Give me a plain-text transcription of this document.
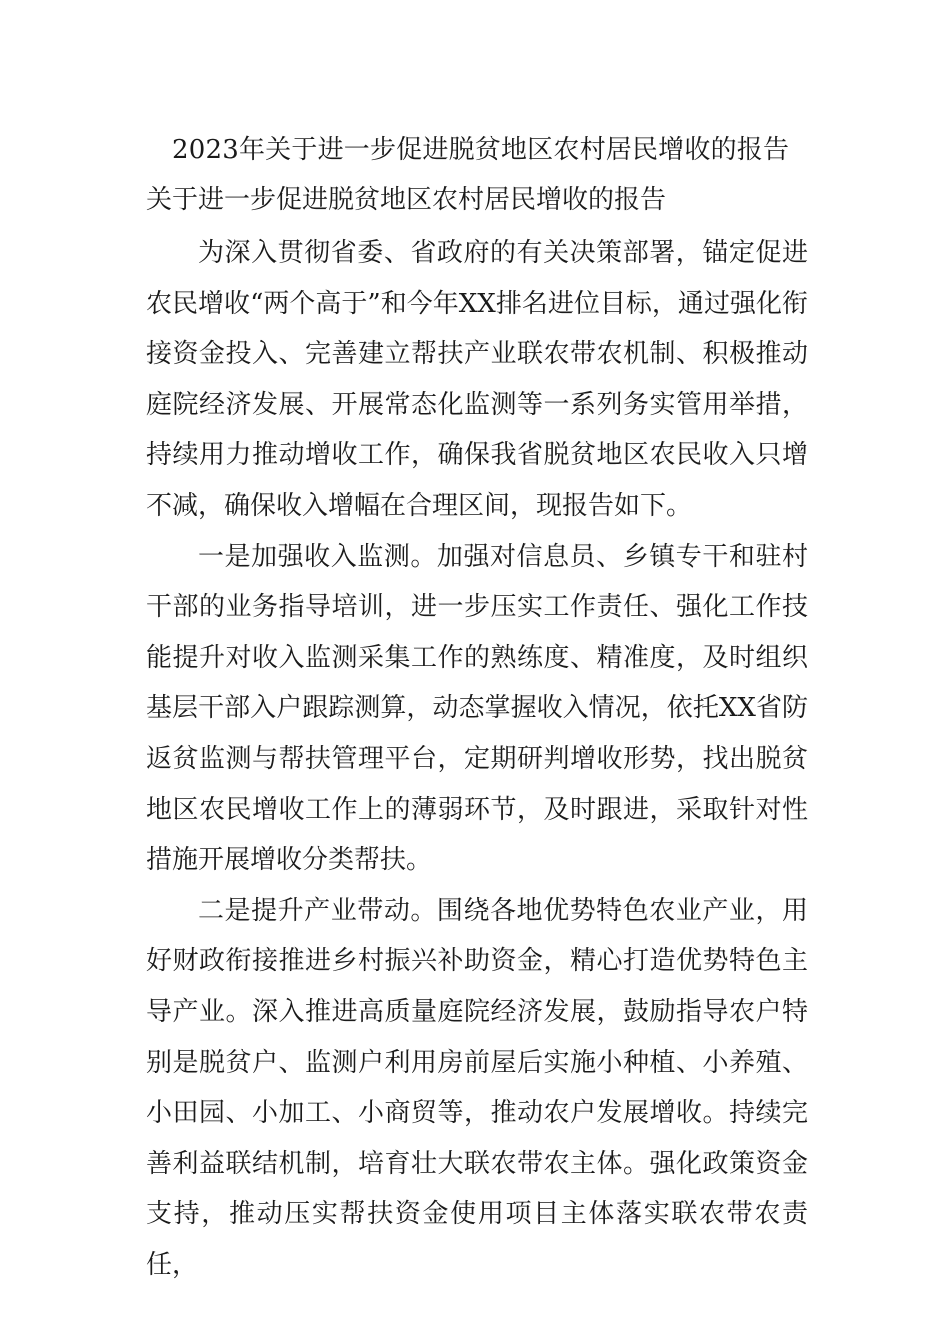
2023年关于进一步促进脱贫地区农村居民增收的报告
关于进一步促进脱贫地区农村居民增收的报告

为深入贯彻省委、省政府的有关决策部署，锚定促进农民增收“两个高于”和今年XX排名进位目标，通过强化衔接资金投入、完善建立帮扶产业联农带农机制、积极推动庭院经济发展、开展常态化监测等一系列务实管用举措，持续用力推动增收工作，确保我省脱贫地区农民收入只增不减，确保收入增幅在合理区间，现报告如下。

一是加强收入监测。加强对信息员、乡镇专干和驻村干部的业务指导培训，进一步压实工作责任、强化工作技能提升对收入监测采集工作的熟练度、精准度，及时组织基层干部入户跟踪测算，动态掌握收入情况，依托XX省防返贫监测与帮扶管理平台，定期研判增收形势，找出脱贫地区农民增收工作上的薄弱环节，及时跟进，采取针对性措施开展增收分类帮扶。

二是提升产业带动。围绕各地优势特色农业产业，用好财政衔接推进乡村振兴补助资金，精心打造优势特色主导产业。深入推进高质量庭院经济发展，鼓励指导农户特别是脱贫户、监测户利用房前屋后实施小种植、小养殖、小田园、小加工、小商贸等，推动农户发展增收。持续完善利益联结机制，培育壮大联农带农主体。强化政策资金支持，推动压实帮扶资金使用项目主体落实联农带农责任，
